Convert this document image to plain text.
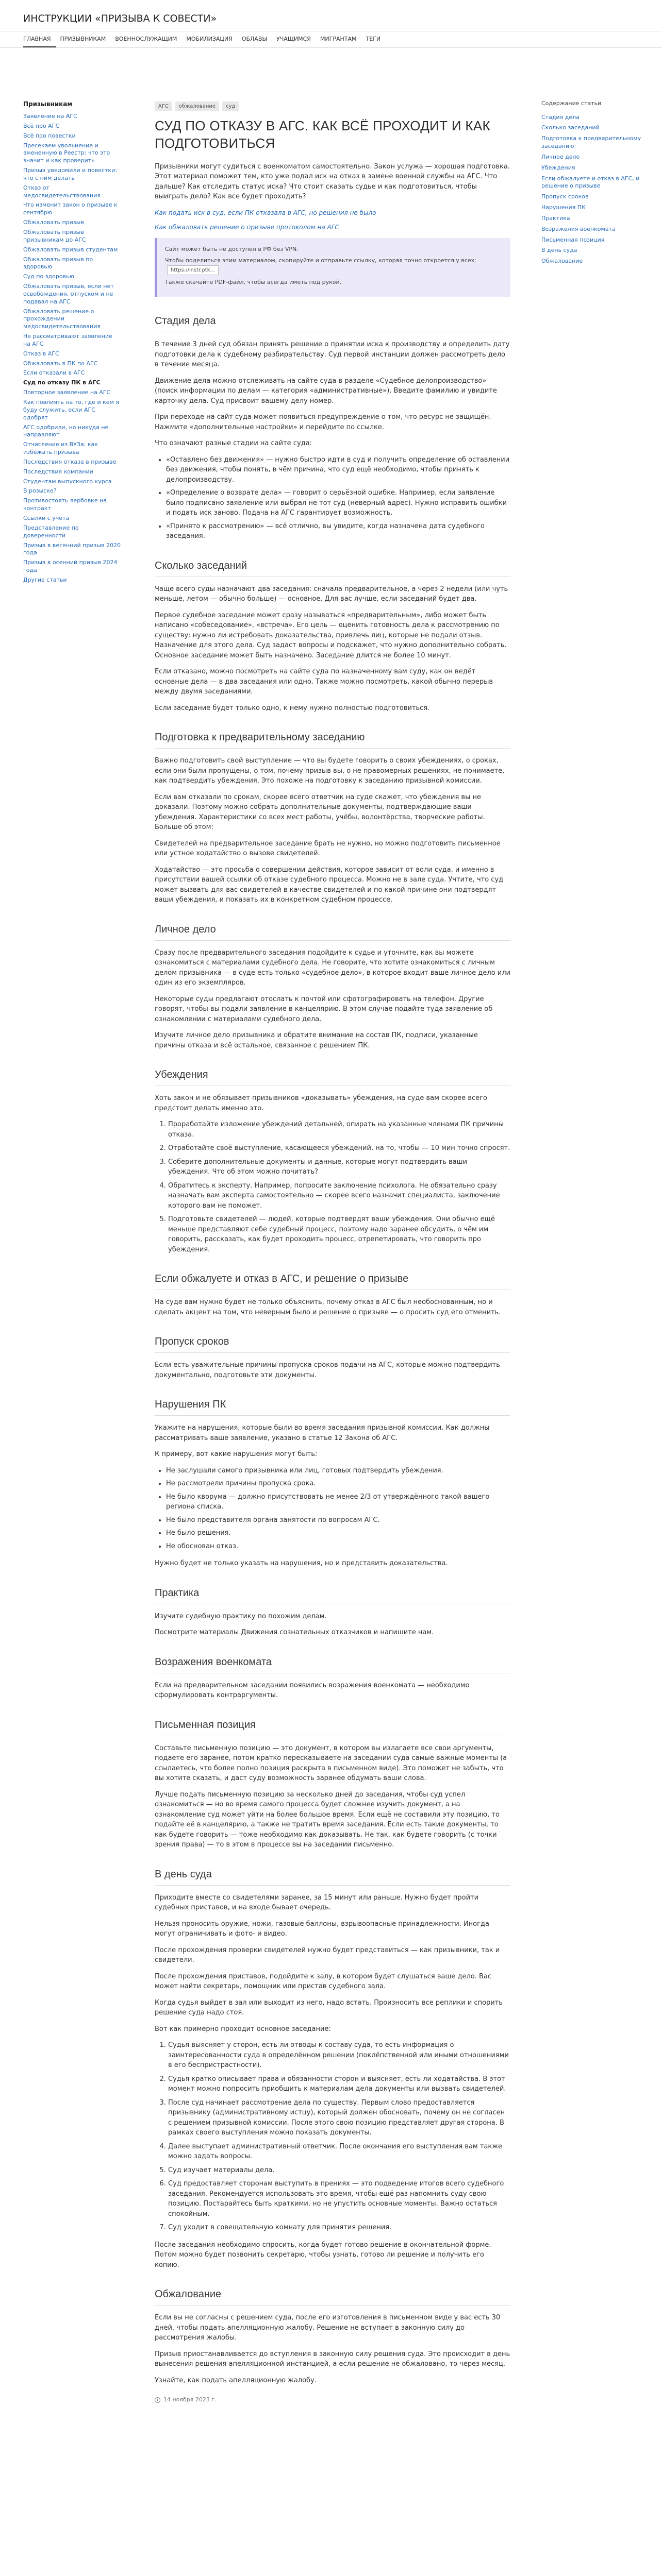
ИНСТРУКЦИИ «ПРИЗЫВА К СОВЕСТИ»
ГЛАВНАЯ	ПРИЗЫВНИКАМ	ВОЕННОСЛУЖАЩИМ	МОБИЛИЗАЦИЯ	ОБЛАВЫ	УЧАЩИМСЯ	МИГРАНТАМ	ТЕГИ
Призывникам
Заявление на АГС
Всё про АГС
Всё про повестки
Пресекаем увольнение и вмененную в Реестр: что это значит и как проверить
Призыв уведомили и повестки: что с ним делать
Отказ от медосвидетельствования
Что изменит закон о призыве к сентябрю
Обжаловать призыв
Обжаловать призыв призывникам до АГС
Обжаловать призыв студентам
Обжаловать призыв по здоровью
Суд по здоровью
Обжаловать призыв, если нет освобождения, отпуском и не подавал на АГС
Обжаловать решение о прохождении медосвидетельствования
Не рассматривают заявление на АГС
Отказ в АГС
Обжаловать в ПК по АГС
Если отказали в АГС
Суд по отказу ПК в АГС
Повторное заявление на АГС
Как повлиять на то, где и кем я буду служить, если АГС одобрят
АГС одобрили, но никуда не направляют
Отчисление из ВУЗа: как избежать призыва
Последствия отказа в призыве
Последствия компании
Студентам выпускного курса
В розыске?
Противостоять вербовке на контракт
Ссылки с учёта
Представление по доверенности
Призыв в весенний призыв 2020 года
Призыв в осенний призыв 2024 года
Другие статьи
АГС	обжалование	суд
СУД ПО ОТКАЗУ В АГС. КАК ВСЁ ПРОХОДИТ И КАК ПОДГОТОВИТЬСЯ

Призывники могут судиться с военкоматом самостоятельно. Закон услужа — хорошая подготовка. Этот материал поможет тем, кто уже подал иск на отказ в замене военной службы на АГС. Что дальше? Как отследить статус иска? Что стоит сказать судье и как подготовиться, чтобы выиграть дело? Как все будет проходить?

Как подать иск в суд, если ПК отказала в АГС, но решения не было
Как обжаловать решение о призыве протоколом на АГС
Сайт может быть не доступен в РФ без VPN.
Чтобы поделиться этим материалом, скопируйте и отправьте ссылку, которая точно откроется у всех: https://instr.ptk...
Также скачайте PDF-файл, чтобы всегда иметь под рукой.
Стадия дела

В течение 3 дней суд обязан принять решение о принятии иска к производству и определить дату подготовки дела к судебному разбирательству. Суд первой инстанции должен рассмотреть дело в течение месяца.

Движение дела можно отслеживать на сайте суда в разделе «Судебное делопроизводство» (поиск информации по делам — категория «административные»). Введите фамилию и увидите карточку дела. Суд присвоит вашему делу номер.

При переходе на сайт суда может появиться предупреждение о том, что ресурс не защищён. Нажмите «дополнительные настройки» и перейдите по ссылке.

Что означают разные стадии на сайте суда:

• «Оставлено без движения» — нужно быстро идти в суд и получить определение об оставлении без движения, чтобы понять, в чём причина, что суд ещё необходимо, чтобы принять к делопроизводству.
• «Определение о возврате дела» — говорит о серьёзной ошибке. Например, если заявление было подписано заявление или выбрал не тот суд (неверный адрес). Нужно исправить ошибки и подать иск заново. Подача на АГС гарантирует возможность.
• «Принято к рассмотрению» — всё отлично, вы увидите, когда назначена дата судебного заседания.
Сколько заседаний

Чаще всего суды назначают два заседания: сначала предварительное, а через 2 недели (или чуть меньше, летом — обычно больше) — основное. Для вас лучше, если заседаний будет два.

Первое судебное заседание может сразу называться «предварительным», либо может быть написано «собеседование», «встреча». Его цель — оценить готовность дела к рассмотрению по существу: нужно ли истребовать доказательства, привлечь лиц, которые не подали отзыв. Назначение для этого дела. Суд задаст вопросы и подскажет, что нужно дополнительно собрать. Основное заседание может быть назначено. Заседание длится не более 10 минут.

Если отказано, можно посмотреть на сайте суда по назначенному вам суду, как он ведёт основные дела — в два заседания или одно. Также можно посмотреть, какой обычно перерыв между двумя заседаниями.

Если заседание будет только одно, к нему нужно полностью подготовиться.

Подготовка к предварительному заседанию

Важно подготовить свой выступление — что вы будете говорить о своих убеждениях, о сроках, если они были пропущены, о том, почему призыв вы, о не правомерных решениях, не понимаете, как подтвердить убеждения. Это похоже на подготовку к заседанию призывной комиссии.

Если вам отказали по срокам, скорее всего ответчик на суде скажет, что убеждения вы не доказали. Поэтому можно собрать дополнительные документы, подтверждающие ваши убеждения. Характеристики со всех мест работы, учёбы, волонтёрства, творческие работы. Больше об этом:

Свидетелей на предварительное заседание брать не нужно, но можно подготовить письменное или устное ходатайство о вызове свидетелей.

Ходатайство — это просьба о совершении действия, которое зависит от воли суда, и именно в присутствии вашей ссылки об отказе судебного процесса. Можно не в зале суда. Учтите, что суд может вызвать для вас свидетелей в качестве свидетелей и по какой причине они подтвердят ваши убеждения, и показать их в конкретном судебном процессе.

Личное дело

Сразу после предварительного заседания подойдите к судье и уточните, как вы можете ознакомиться с материалами судебного дела. Не говорите, что хотите ознакомиться с личным делом призывника — в суде есть только «судебное дело», в которое входит ваше личное дело или один из его экземпляров.

Некоторые суды предлагают отослать к почтой или сфотографировать на телефон. Другие говорят, чтобы вы подали заявление в канцелярию. В этом случае подайте туда заявление об ознакомлении с материалами судебного дела.

Изучите личное дело призывника и обратите внимание на состав ПК, подписи, указанные причины отказа и всё остальное, связанное с решением ПК.

Убеждения

Хоть закон и не обязывает призывников «доказывать» убеждения, на суде вам скорее всего предстоит делать именно это.

1. Проработайте изложение убеждений детальней, опирать на указанные членами ПК причины отказа.
2. Отработайте своё выступление, касающееся убеждений, на то, чтобы — 10 мин точно спросят.
3. Соберите дополнительные документы и данные, которые могут подтвердить ваши убеждения. Что об этом можно почитать?
4. Обратитесь к эксперту. Например, попросите заключение психолога. Не обязательно сразу назначать вам эксперта самостоятельно — скорее всего назначит специалиста, заключение которого вам не поможет.
5. Подготовьте свидетелей — людей, которые подтвердят ваши убеждения. Они обычно ещё меньше представляют себе судебный процесс, поэтому надо заранее обсудить, о чём им говорить, рассказать, как будет проходить процесс, отрепетировать, что говорить про убеждения.
Если обжалуете и отказ в АГС, и решение о призыве

На суде вам нужно будет не только объяснить, почему отказ в АГС был необоснованным, но и сделать акцент на том, что неверным было и решение о призыве — о просить суд его отменить.

Пропуск сроков

Если есть уважительные причины пропуска сроков подачи на АГС, которые можно подтвердить документально, подготовьте эти документы.

Нарушения ПК

Укажите на нарушения, которые были во время заседания призывной комиссии. Как должны рассматривать ваше заявление, указано в статье 12 Закона об АГС.

К примеру, вот какие нарушения могут быть:

• Не заслушали самого призывника или лиц, готовых подтвердить убеждения.
• Не рассмотрели причины пропуска срока.
• Не было кворума — должно присутствовать не менее 2/3 от утверждённого такой вашего региона списка.
• Не было представителя органа занятости по вопросам АГС.
• Не было решения.
• Не обоснован отказ.

Нужно будет не только указать на нарушения, но и представить доказательства.

Практика

Изучите судебную практику по похожим делам.

Посмотрите материалы Движения сознательных отказчиков и напишите нам.

Возражения военкомата

Если на предварительном заседании появились возражения военкомата — необходимо сформулировать контраргументы.

Письменная позиция

Составьте письменную позицию — это документ, в котором вы излагаете все свои аргументы, подаете его заранее, потом кратко пересказываете на заседании суда самые важные моменты (а ссылаетесь, что более полно позиция раскрыта в письменном виде). Это поможет не забыть, что вы хотите сказать, и даст суду возможность заранее обдумать ваши слова.

Лучше подать письменную позицию за несколько дней до заседания, чтобы суд успел ознакомиться — но во время самого процесса будет сложнее изучить документ, а на ознакомление суд может уйти на более большое время. Если ещё не составили эту позицию, то подайте её в канцелярию, а также не тратить время заседания. Если есть такие документы, то как будете говорить — тоже необходимо как доказывать. Не так, как будете говорить (с точки зрения права) — то в этом в процессе вы на заседании письменно.

В день суда

Приходите вместе со свидетелями заранее, за 15 минут или раньше. Нужно будет пройти судебных приставов, и на входе бывает очередь.

Нельзя проносить оружие, ножи, газовые баллоны, взрывоопасные принадлежности. Иногда могут ограничивать и фото- и видео.

После прохождения проверки свидетелей нужно будет представиться — как призывники, так и свидетели.

После прохождения приставов, подойдите к залу, в котором будет слушаться ваше дело. Вас может найти секретарь, помощник или пристав судебного зала.

Когда судья выйдет в зал или выходит из него, надо встать. Произносить все реплики и спорить решение суда надо стоя.

Вот как примерно проходит основное заседание:

1. Судья выясняет у сторон, есть ли отводы к составу суда, то есть информация о заинтересованности суда в определённом решении (поклёпственной или иными отношениями в его беспристрастности).
2. Судья кратко описывает права и обязанности сторон и выясняет, есть ли ходатайства. В этот момент можно попросить приобщить к материалам дела документы или вызвать свидетелей.
3. После суд начинает рассмотрение дела по существу. Первым слово предоставляется призывнику (административному истцу), который должен обосновать, почему он не согласен с решением призывной комиссии. После этого свою позицию представляет другая сторона. В рамках своего выступления можно показать документы.
4. Далее выступает административный ответчик. После окончания его выступления вам также можно задать вопросы.
5. Суд изучает материалы дела.
6. Суд предоставляет сторонам выступить в прениях — это подведение итогов всего судебного заседания. Рекомендуется использовать это время, чтобы ещё раз напомнить суду свою позицию. Постарайтесь быть краткими, но не упустить основные моменты. Важно остаться спокойным.
7. Суд уходит в совещательную комнату для принятия решения.

После заседания необходимо спросить, когда будет готово решение в окончательной форме. Потом можно будет позвонить секретарю, чтобы узнать, готово ли решение и получить его копию.

Обжалование

Если вы не согласны с решением суда, после его изготовления в письменном виде у вас есть 30 дней, чтобы подать апелляционную жалобу. Решение не вступает в законную силу до рассмотрения жалобы.

Призыв приостанавливается до вступления в законную силу решения суда. Это происходит в день вынесения решения апелляционной инстанцией, а если решение не обжаловано, то через месяц.

Узнайте, как подать апелляционную жалобу.

14 ноября 2023 г.
Содержание статьи
Стадия дела
Сколько заседаний
Подготовка к предварительному заседанию
Личное дело
Убеждения
Если обжалуете и отказ в АГС, и решение о призыве
Пропуск сроков
Нарушения ПК
Практика
Возражения военкомата
Письменная позиция
В день суда
Обжалование
